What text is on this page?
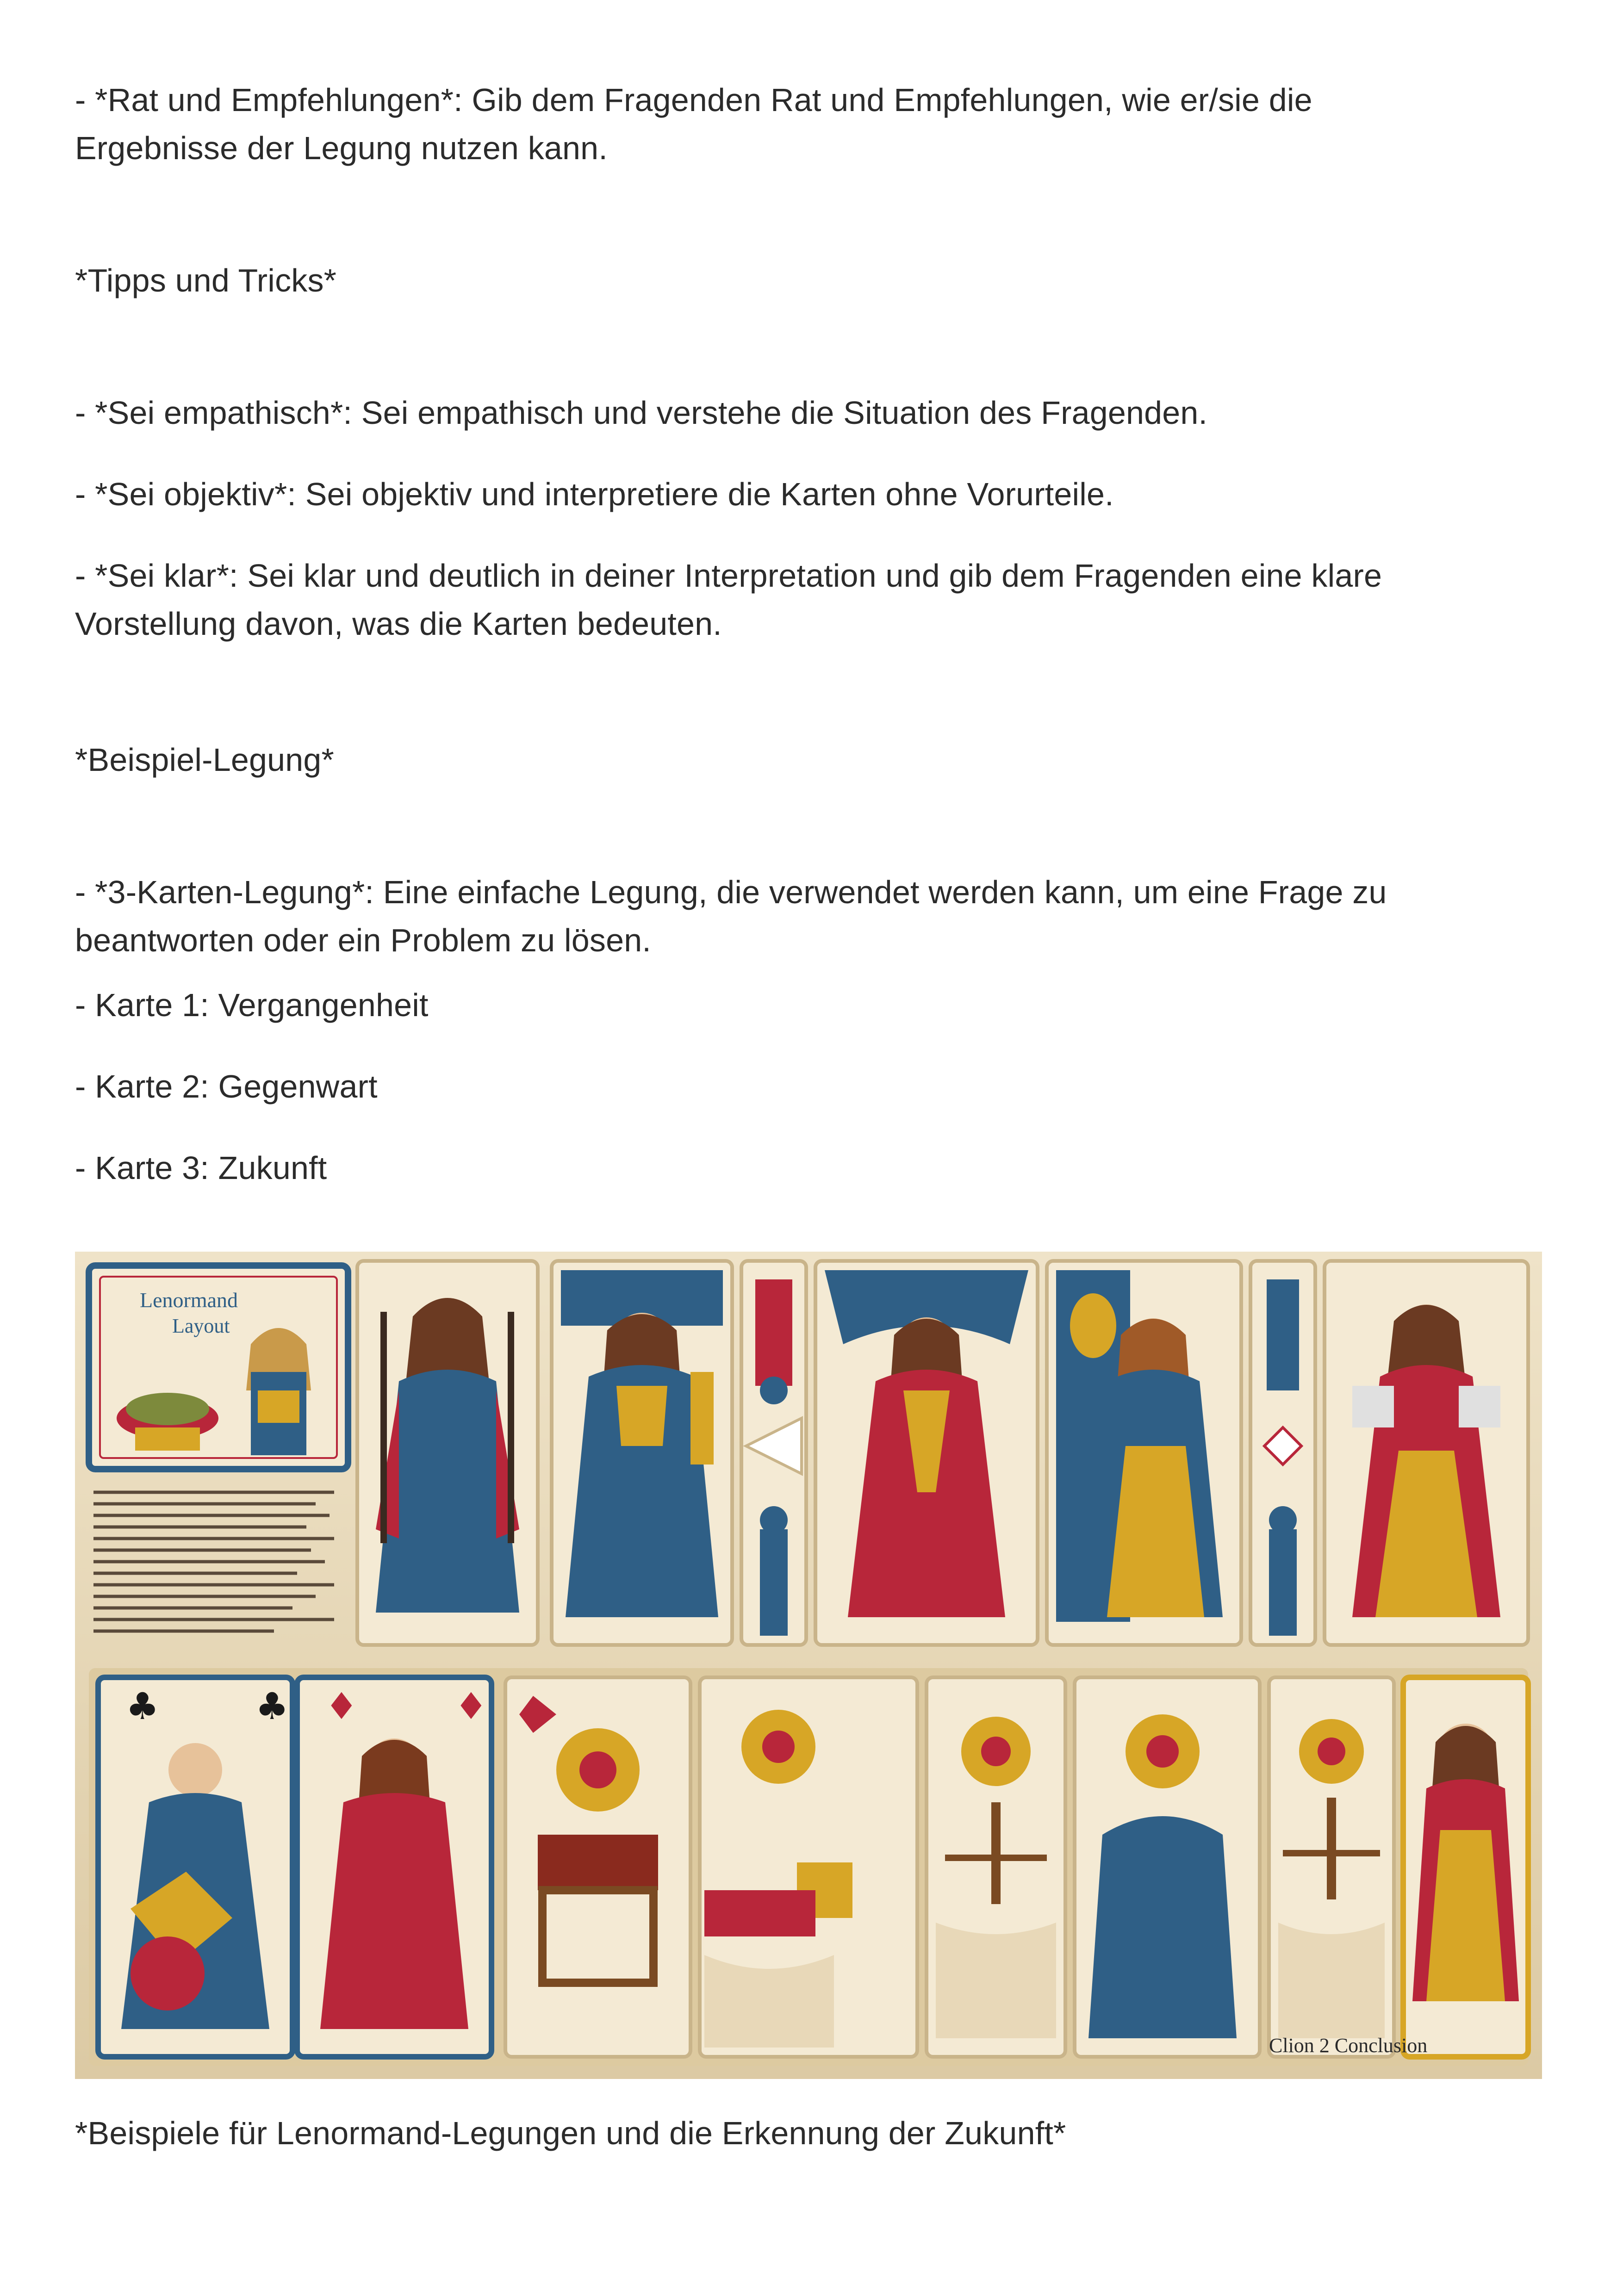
- *Rat und Empfehlungen*: Gib dem Fragenden Rat und Empfehlungen, wie er/sie die

Ergebnisse der Legung nutzen kann.

*Tipps und Tricks*

- *Sei empathisch*: Sei empathisch und verstehe die Situation des Fragenden.

- *Sei objektiv*: Sei objektiv und interpretiere die Karten ohne Vorurteile.

- *Sei klar*: Sei klar und deutlich in deiner Interpretation und gib dem Fragenden eine klare

Vorstellung davon, was die Karten bedeuten.

*Beispiel-Legung*

- *3-Karten-Legung*: Eine einfache Legung, die verwendet werden kann, um eine Frage zu

beantworten oder ein Problem zu lösen.

- Karte 1: Vergangenheit

- Karte 2: Gegenwart

- Karte 3: Zukunft

Lenormand
Layout
♣	♣ ♦	♦
Clion 2 Conclusion

*Beispiele für Lenormand-Legungen und die Erkennung der Zukunft*
